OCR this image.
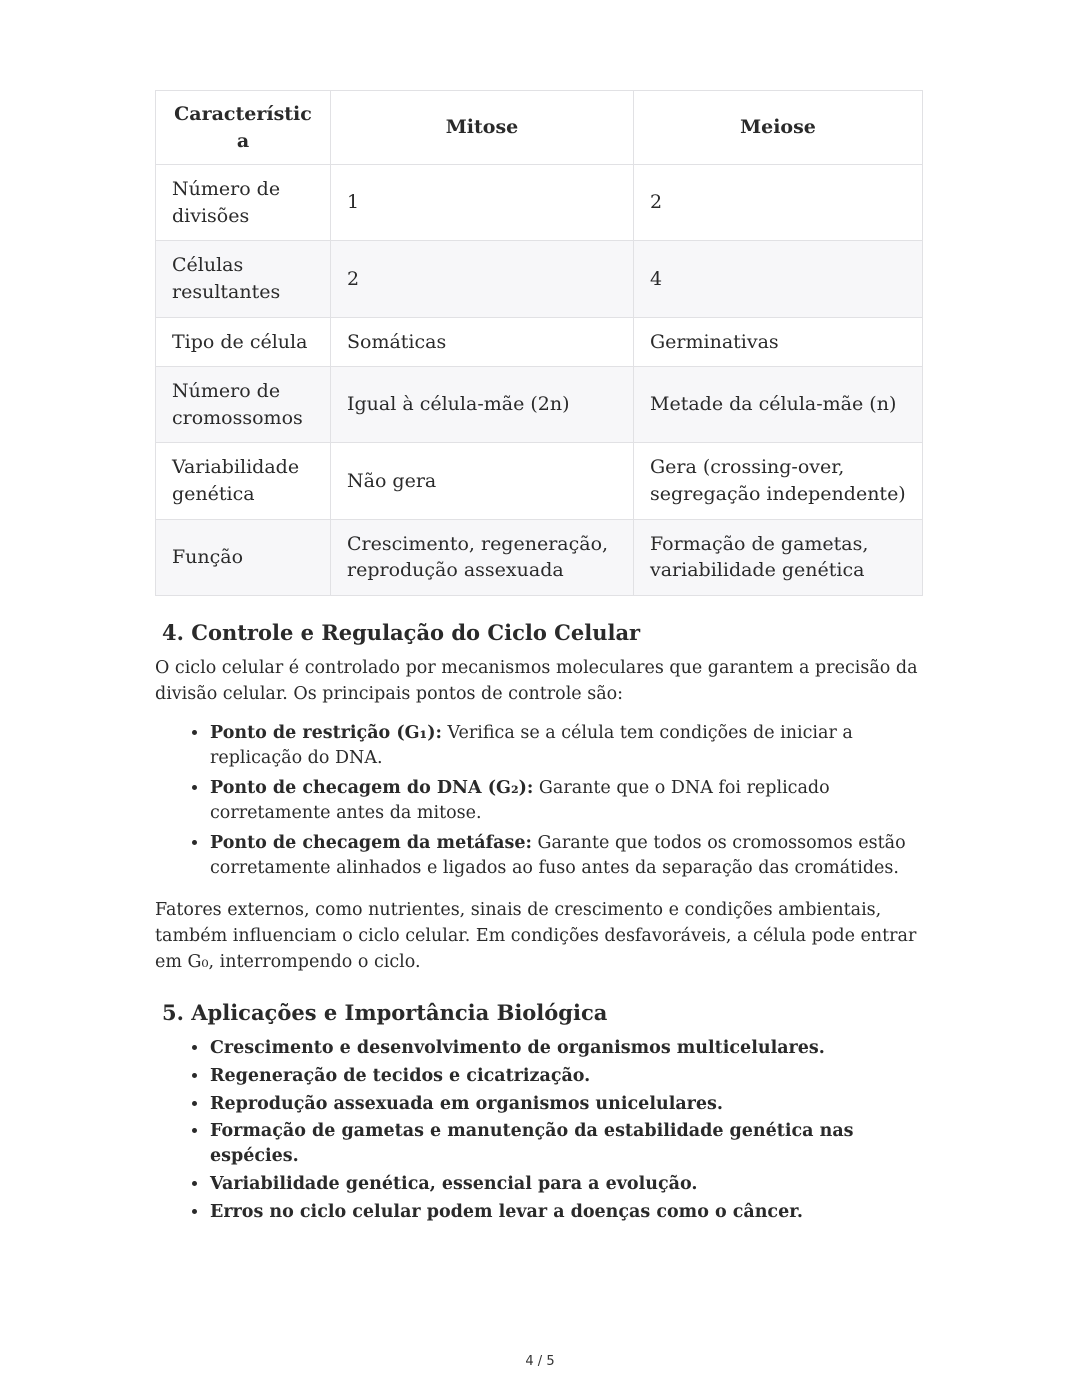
Característica	Mitose	Meiose
Número de divisões	1	2
Células resultantes	2	4
Tipo de célula	Somáticas	Germinativas
Número de cromossomos	Igual à célula-mãe (2n)	Metade da célula-mãe (n)
Variabilidade genética	Não gera	Gera (crossing-over, segregação independente)
Função	Crescimento, regeneração, reprodução assexuada	Formação de gametas, variabilidade genética
4. Controle e Regulação do Ciclo Celular

O ciclo celular é controlado por mecanismos moleculares que garantem a precisão da divisão celular. Os principais pontos de controle são:

• Ponto de restrição (G₁): Verifica se a célula tem condições de iniciar a replicação do DNA.
• Ponto de checagem do DNA (G₂): Garante que o DNA foi replicado corretamente antes da mitose.
• Ponto de checagem da metáfase: Garante que todos os cromossomos estão corretamente alinhados e ligados ao fuso antes da separação das cromátides.

Fatores externos, como nutrientes, sinais de crescimento e condições ambientais, também influenciam o ciclo celular. Em condições desfavoráveis, a célula pode entrar em G₀, interrompendo o ciclo.

5. Aplicações e Importância Biológica
• Crescimento e desenvolvimento de organismos multicelulares.
• Regeneração de tecidos e cicatrização.
• Reprodução assexuada em organismos unicelulares.
• Formação de gametas e manutenção da estabilidade genética nas espécies.
• Variabilidade genética, essencial para a evolução.
• Erros no ciclo celular podem levar a doenças como o câncer.
4 / 5
